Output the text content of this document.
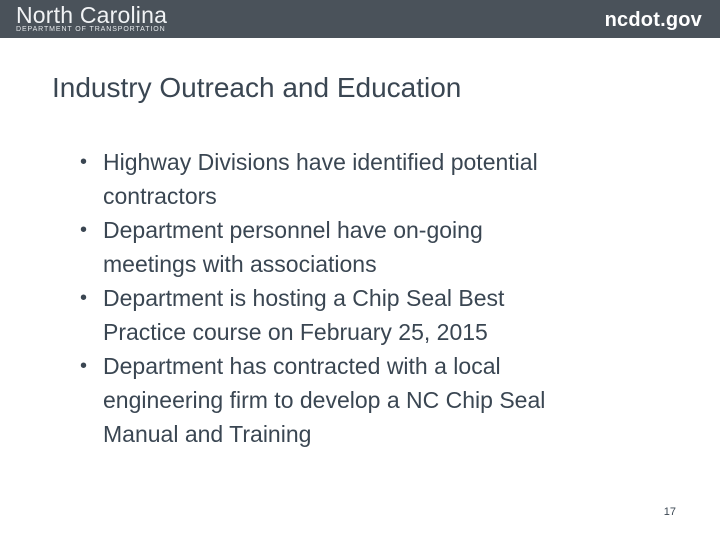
North Carolina
DEPARTMENT OF TRANSPORTATION	ncdot.gov
Industry Outreach and Education
• Highway Divisions have identified potential
contractors
• Department personnel have on-going
meetings with associations
• Department is hosting a Chip Seal Best
Practice course on February 25, 2015
• Department has contracted with a local
engineering firm to develop a NC Chip Seal
Manual and Training
17
